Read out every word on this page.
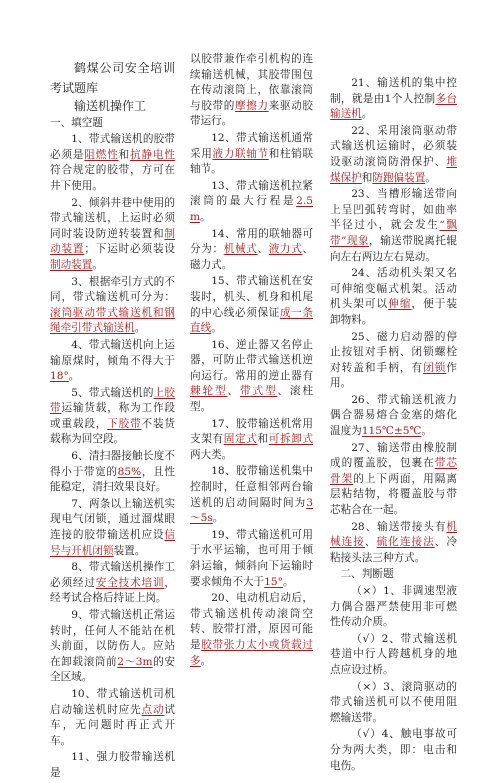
鹤煤公司安全培训考试题库

输送机操作工

一、填空题

1、带式输送机的胶带必须是阻燃性和抗静电性符合规定的胶带，方可在井下使用。

2、倾斜井巷中使用的带式输送机，上运时必须同时装设防逆转装置和制动装置；下运时必须装设制动装置。

3、根据牵引方式的不同，带式输送机可分为：滚筒驱动带式输送机和钢绳牵引带式输送机。

4、带式输送机向上运输原煤时，倾角不得大于18°。

5、带式输送机的上胶带运输货载，称为工作段或重载段，下胶带不装货载称为回空段。

6、清扫器接触长度不得小于带宽的85%，且性能稳定，清扫效果良好。

7、两条以上输送机实现电气闭锁，通过溜煤眼连接的胶带输送机应设信号与开机闭锁装置。

8、带式输送机操作工必须经过安全技术培训，经考试合格后持证上岗。

9、带式输送机正常运转时，任何人不能站在机头前面，以防伤人。应站在卸载滚筒前2～3m的安全区域。

10、带式输送机司机启动输送机时应先点动试车，无问题时再正式开车。

11、强力胶带输送机是

以胶带兼作牵引机构的连续输送机械，其胶带围包在传动滚筒上，依靠滚筒与胶带的摩擦力来驱动胶带运行。

12、带式输送机通常采用液力联轴节和柱销联轴节。

13、带式输送机拉紧滚筒的最大行程是2.5 m。

14、常用的联轴器可分为：机械式、液力式、磁力式。

15、带式输送机在安装时，机头、机身和机尾的中心线必须保证成一条直线。

16、逆止器又名停止器，可防止带式输送机逆向运行。常用的逆止器有棘轮型、带式型、滚柱型。

17、胶带输送机常用支架有固定式和可拆卸式两大类。

18、胶带输送机集中控制时，任意相邻两台输送机的启动间隔时间为3～5s。

19、带式输送机可用于水平运输，也可用于倾斜运输，倾斜向下运输时要求倾角不大于15°。

20、电动机启动后，带式输送机传动滚筒空转、胶带打滑，原因可能是胶带张力太小或货载过多。

21、输送机的集中控制，就是由1个人控制多台输送机。

22、采用滚筒驱动带式输送机运输时，必须装设驱动滚筒防滑保护、堆煤保护和防跑偏装置。

23、当槽形输送带向上呈凹弧转弯时，如曲率半径过小，就会发生“飘带”现象，输送带脱离托辊向左右两边左右晃动。

24、活动机头架又名可伸缩变幅式机架。活动机头架可以伸缩，便于装卸物料。

25、磁力启动器的停止按钮对手柄、闭锁螺栓对转盖和手柄，有闭锁作用。

26、带式输送机液力偶合器易熔合金塞的熔化温度为115℃±5℃。

27、输送带由橡胶制成的覆盖胶，包裹在带芯骨架的上下两面，用隔离层粘结物，将覆盖胶与带芯粘合在一起。

28、输送带接头有机械连接、硫化连接法、冷粘接头法三种方式。

二、判断题

（×）1、非调速型液力偶合器严禁使用非可燃性传动介质。

（√）2、带式输送机巷道中行人跨越机身的地点应设过桥。

（×）3、滚筒驱动的带式输送机可以不使用阻燃输送带。

（√）4、触电事故可分为两大类，即：电击和电伤。
